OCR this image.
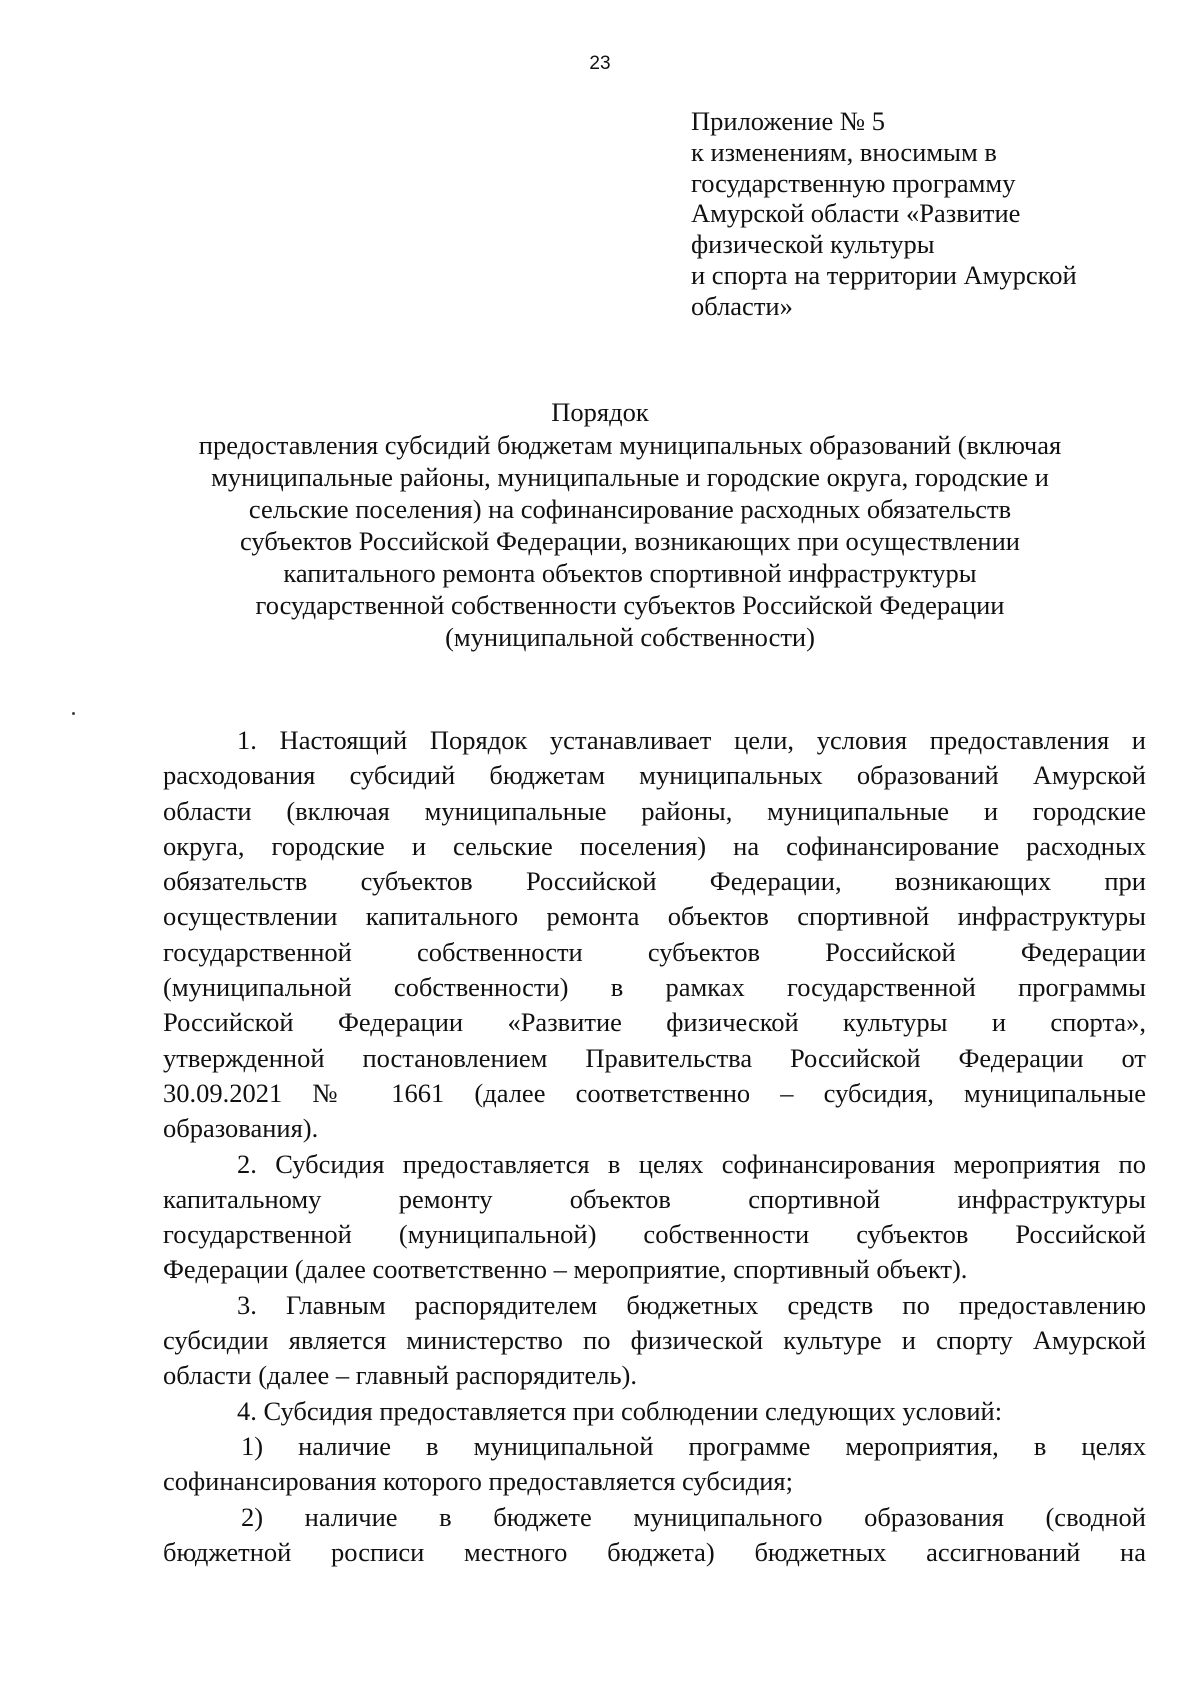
23
Приложение № 5
к изменениям, вносимым в
государственную программу
Амурской области «Развитие
физической культуры
и спорта на территории Амурской
области»
Порядок
предоставления субсидий бюджетам муниципальных образований (включая
муниципальные районы, муниципальные и городские округа, городские и
сельские поселения) на софинансирование расходных обязательств
субъектов Российской Федерации, возникающих при осуществлении
капитального ремонта объектов спортивной инфраструктуры
государственной собственности субъектов Российской Федерации
(муниципальной собственности)
1. Настоящий Порядок устанавливает цели, условия предоставления и
расходования субсидий бюджетам муниципальных образований Амурской
области (включая муниципальные районы, муниципальные и городские
округа, городские и сельские поселения) на софинансирование расходных
обязательств субъектов Российской Федерации, возникающих при
осуществлении капитального ремонта объектов спортивной инфраструктуры
государственной собственности субъектов Российской Федерации
(муниципальной собственности) в рамках государственной программы
Российской Федерации «Развитие физической культуры и спорта»,
утвержденной постановлением Правительства Российской Федерации от
30.09.2021 № 1661 (далее соответственно – субсидия, муниципальные
образования).
2. Субсидия предоставляется в целях софинансирования мероприятия по
капитальному ремонту объектов спортивной инфраструктуры
государственной (муниципальной) собственности субъектов Российской
Федерации (далее соответственно – мероприятие, спортивный объект).
3. Главным распорядителем бюджетных средств по предоставлению
субсидии является министерство по физической культуре и спорту Амурской
области (далее – главный распорядитель).
4. Субсидия предоставляется при соблюдении следующих условий:
1) наличие в муниципальной программе мероприятия, в целях
софинансирования которого предоставляется субсидия;
2) наличие в бюджете муниципального образования (сводной
бюджетной росписи местного бюджета) бюджетных ассигнований на
